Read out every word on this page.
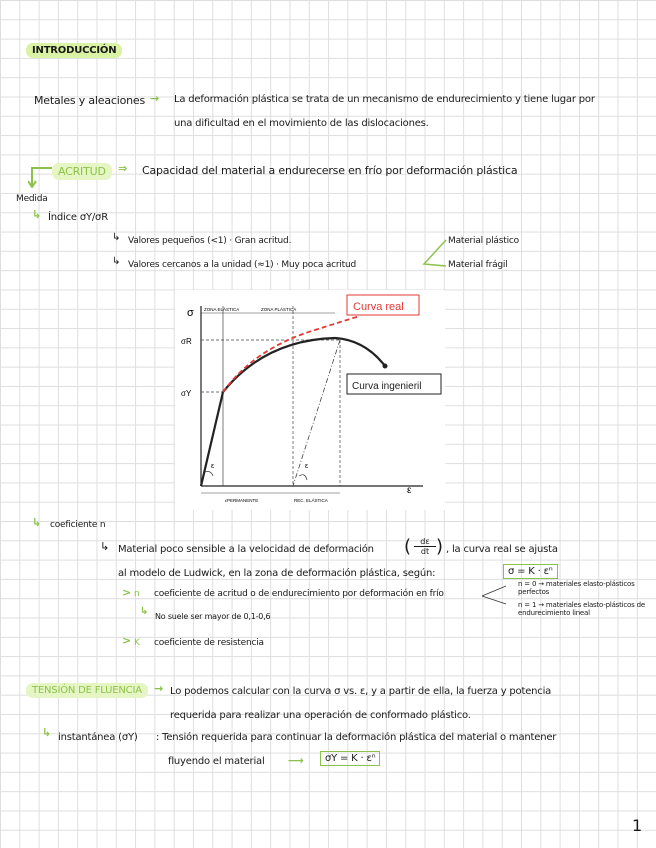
INTRODUCCIÓN
Metales y aleaciones → La deformación plástica se trata de un mecanismo de endurecimiento y tiene lugar por
una dificultad en el movimiento de las dislocaciones.
ACRITUD	⇒ Capacidad del material a endurecerse en frío por deformación plástica
Medida
↳ Índice σY/σR
↳ Valores pequeños (<1) · Gran acritud.
↳ Valores cercanos a la unidad (≈1) · Muy poca acritud
Material plástico
Material frágil
σ
σR
σY
ε
ε	ε
ZONA ELÁSTICA	ZONA PLÁSTICA
εPERMANENTE	REC. ELÁSTICA
Curva real
Curva ingenieril
↳ coeficiente n
↳ Material poco sensible a la velocidad de deformación (	dε
dt ) , la curva real se ajusta
al modelo de Ludwick, en la zona de deformación plástica, según:	σ = K · εⁿ
> n coeficiente de acritud o de endurecimiento por deformación en frío
n = 0 → materiales elasto-plásticos perfectos
n = 1 → materiales elasto-plásticos de endurecimiento lineal
↳ No suele ser mayor de 0,1-0,6
> K coeficiente de resistencia
TENSIÓN DE FLUENCIA	→ Lo podemos calcular con la curva σ vs. ε, y a partir de ella, la fuerza y potencia
requerida para realizar una operación de conformado plástico.
↳ instantánea (σY) : Tensión requerida para continuar la deformación plástica del material o mantener
fluyendo el material ⟶	σY = K · εⁿ
1
